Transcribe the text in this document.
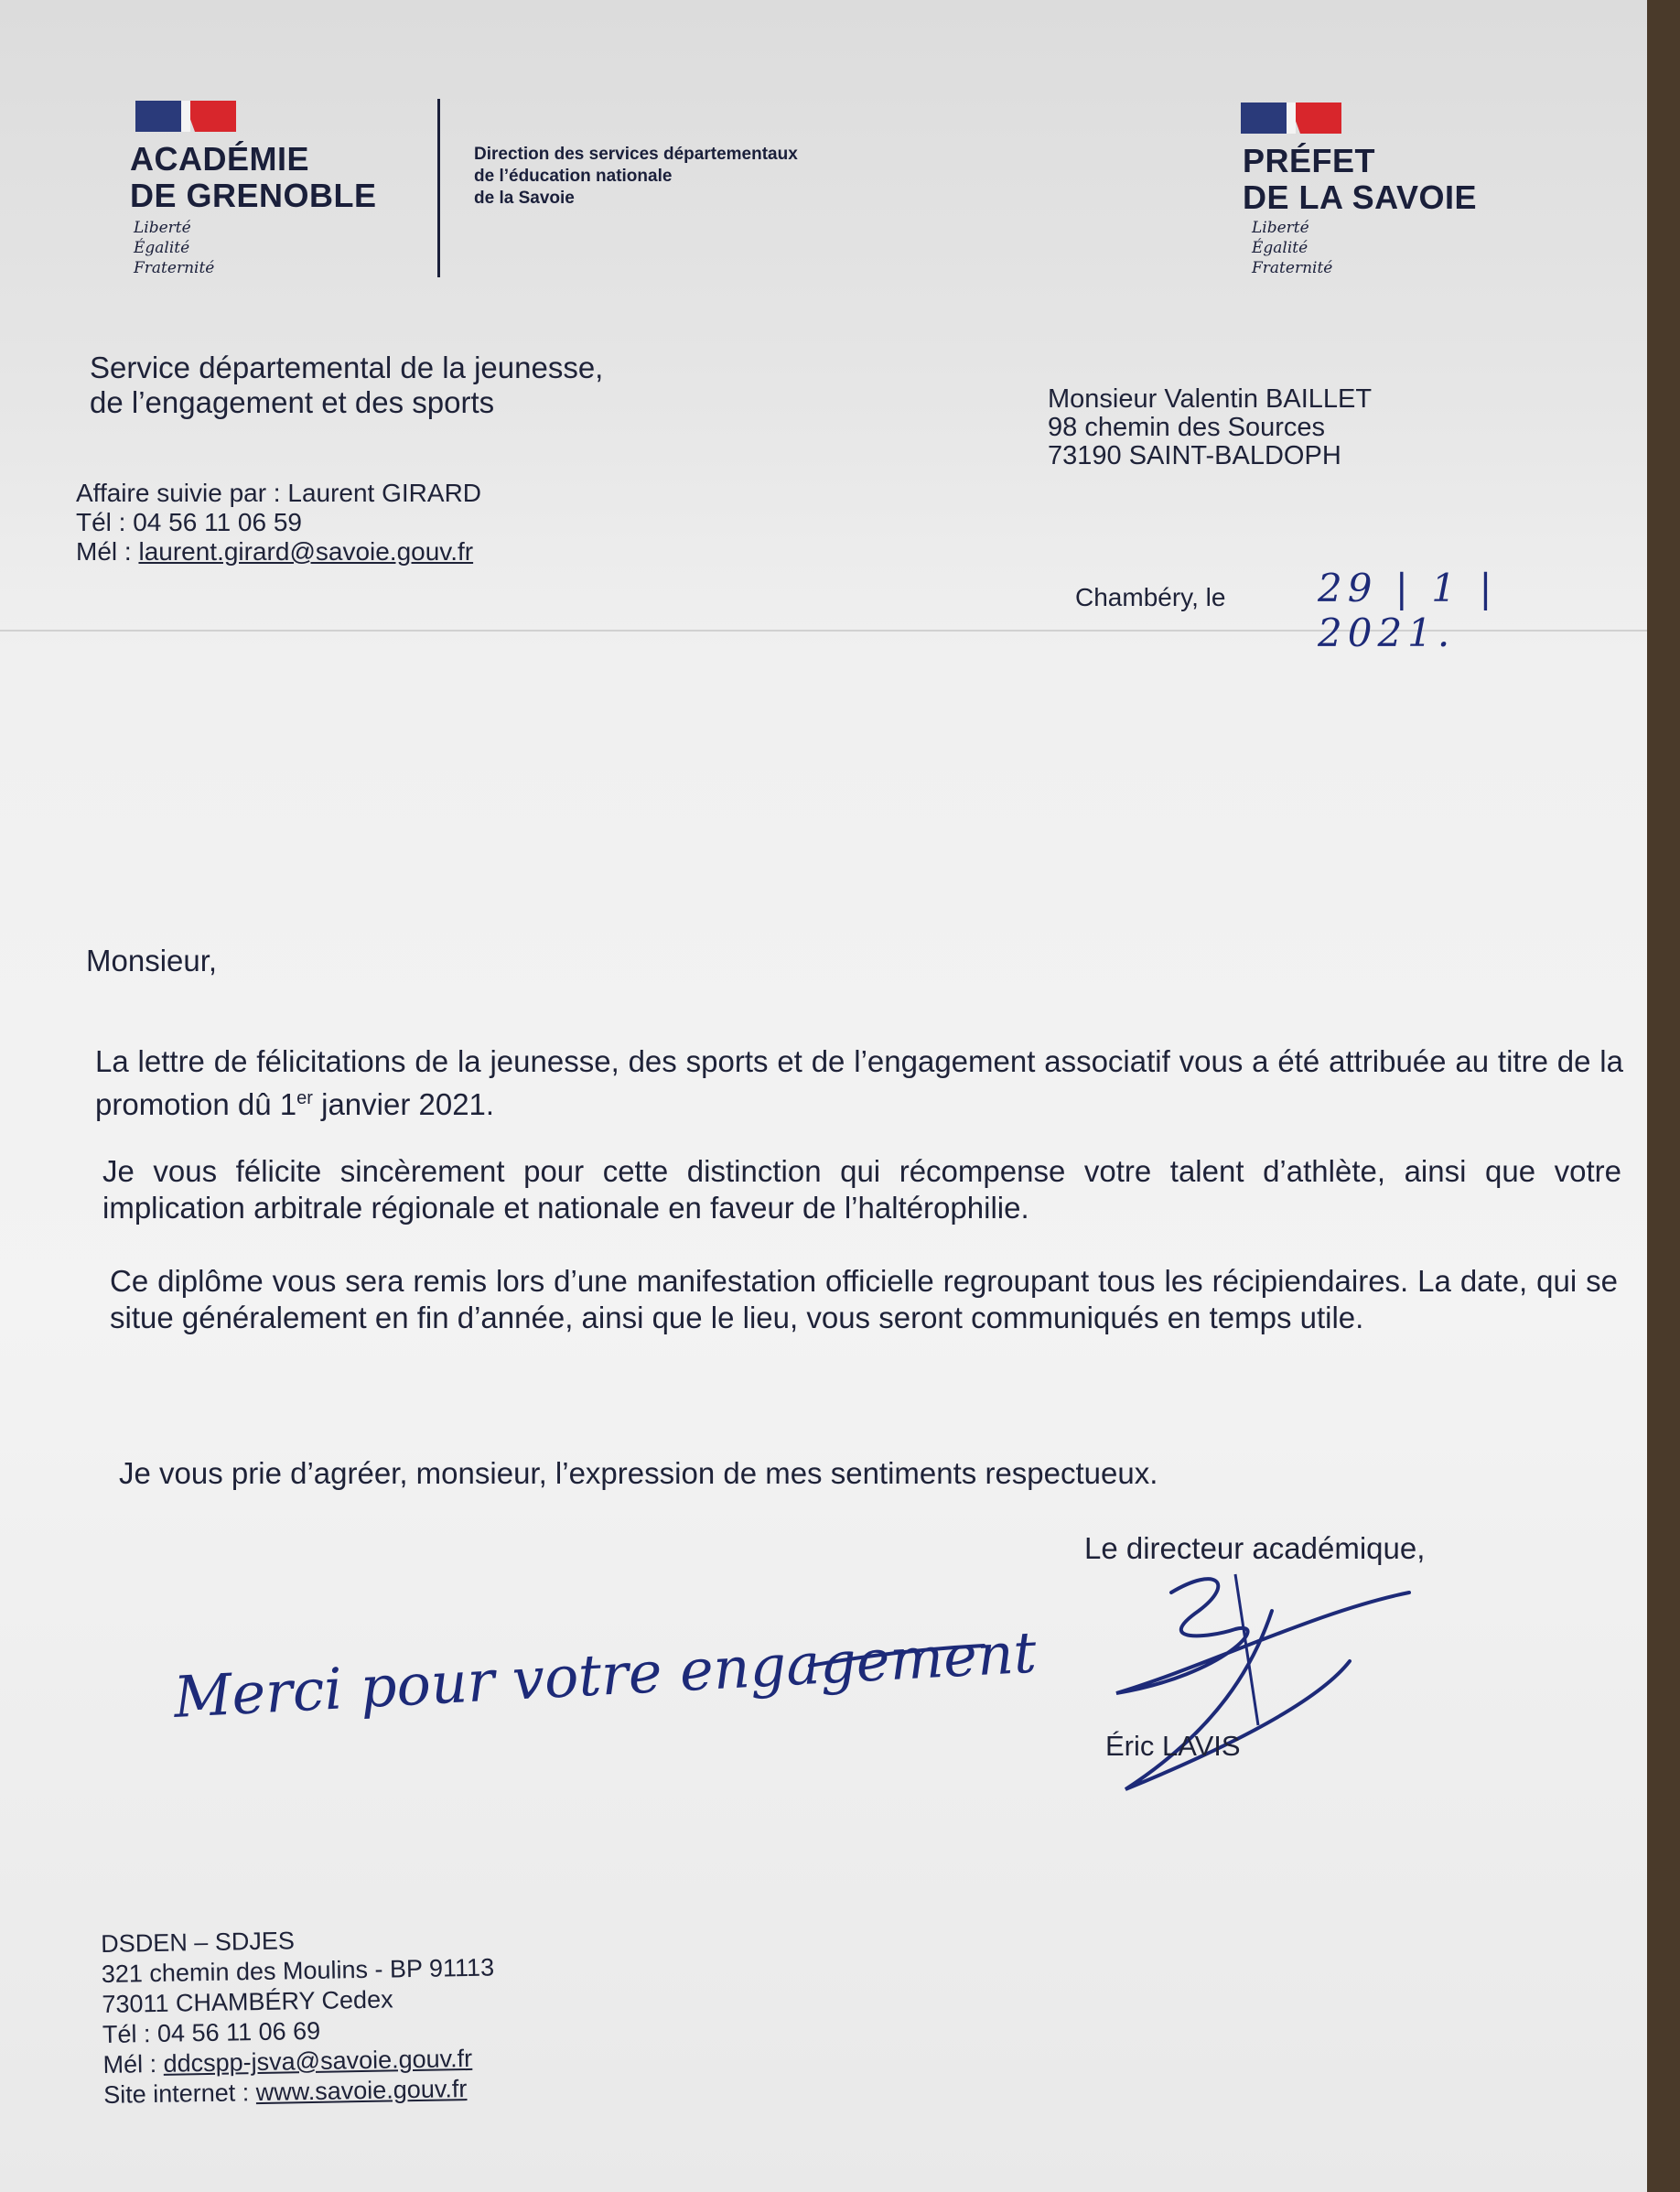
ACADÉMIE
DE GRENOBLE
Liberté
Égalité
Fraternité
Direction des services départementaux
de l’éducation nationale
de la Savoie
PRÉFET
DE LA SAVOIE
Liberté
Égalité
Fraternité
Service départemental de la jeunesse,
de l’engagement et des sports	Monsieur Valentin BAILLET
98 chemin des Sources
73190 SAINT-BALDOPH
Affaire suivie par : Laurent GIRARD
Tél : 04 56 11 06 59
Mél : laurent.girard@savoie.gouv.fr
Chambéry, le 29 | 1 | 2021.
Monsieur,
La lettre de félicitations de la jeunesse, des sports et de l’engagement associatif vous a été attribuée au titre de la promotion dû 1er janvier 2021.
Je vous félicite sincèrement pour cette distinction qui récompense votre talent d’athlète, ainsi que votre implication arbitrale régionale et nationale en faveur de l’haltérophilie.
Ce diplôme vous sera remis lors d’une manifestation officielle regroupant tous les récipiendaires. La date, qui se situe généralement en fin d’année, ainsi que le lieu, vous seront communiqués en temps utile.
Je vous prie d’agréer, monsieur, l’expression de mes sentiments respectueux.
Le directeur académique,
Éric LAVIS
Merci pour votre engagement
DSDEN – SDJES
321 chemin des Moulins - BP 91113
73011 CHAMBÉRY Cedex
Tél : 04 56 11 06 69
Mél : ddcspp-jsva@savoie.gouv.fr
Site internet : www.savoie.gouv.fr
